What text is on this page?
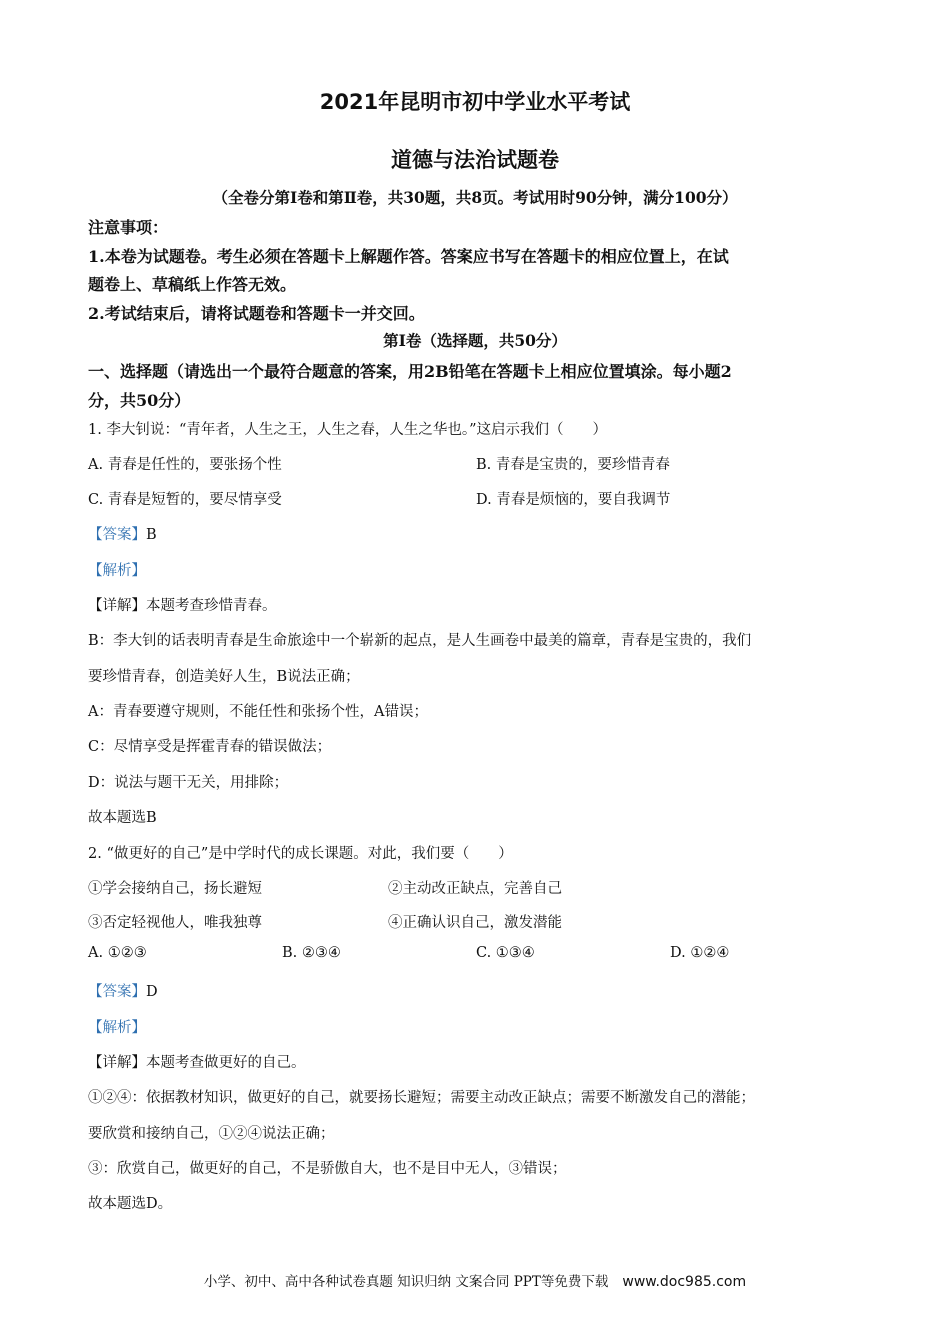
2021年昆明市初中学业水平考试
道德与法治试题卷
（全卷分第Ⅰ卷和第Ⅱ卷，共30题，共8页。考试用时90分钟，满分100分）
注意事项：
1.本卷为试题卷。考生必须在答题卡上解题作答。答案应书写在答题卡的相应位置上，在试
题卷上、草稿纸上作答无效。
2.考试结束后，请将试题卷和答题卡一并交回。
第Ⅰ卷（选择题，共50分）
一、选择题（请选出一个最符合题意的答案，用2B铅笔在答题卡上相应位置填涂。每小题2
分，共50分）
1. 李大钊说：“青年者，人生之王，人生之春，人生之华也。”这启示我们（　　）
A. 青春是任性的，要张扬个性	B. 青春是宝贵的，要珍惜青春
C. 青春是短暂的，要尽情享受	D. 青春是烦恼的，要自我调节
【答案】B
【解析】
【详解】本题考查珍惜青春。
B：李大钊的话表明青春是生命旅途中一个崭新的起点，是人生画卷中最美的篇章，青春是宝贵的，我们
要珍惜青春，创造美好人生，B说法正确；
A：青春要遵守规则，不能任性和张扬个性，A错误；
C：尽情享受是挥霍青春的错误做法；
D：说法与题干无关，用排除；
故本题选B
2. “做更好的自己”是中学时代的成长课题。对此，我们要（　　）
①学会接纳自己，扬长避短	②主动改正缺点，完善自己
③否定轻视他人，唯我独尊	④正确认识自己，激发潜能
A. ①②③	B. ②③④	C. ①③④	D. ①②④
【答案】D
【解析】
【详解】本题考查做更好的自己。
①②④：依据教材知识，做更好的自己，就要扬长避短；需要主动改正缺点；需要不断激发自己的潜能；
要欣赏和接纳自己，①②④说法正确；
③：欣赏自己，做更好的自己，不是骄傲自大，也不是目中无人，③错误；
故本题选D。
小学、初中、高中各种试卷真题 知识归纳 文案合同 PPT等免费下载 www.doc985.com
